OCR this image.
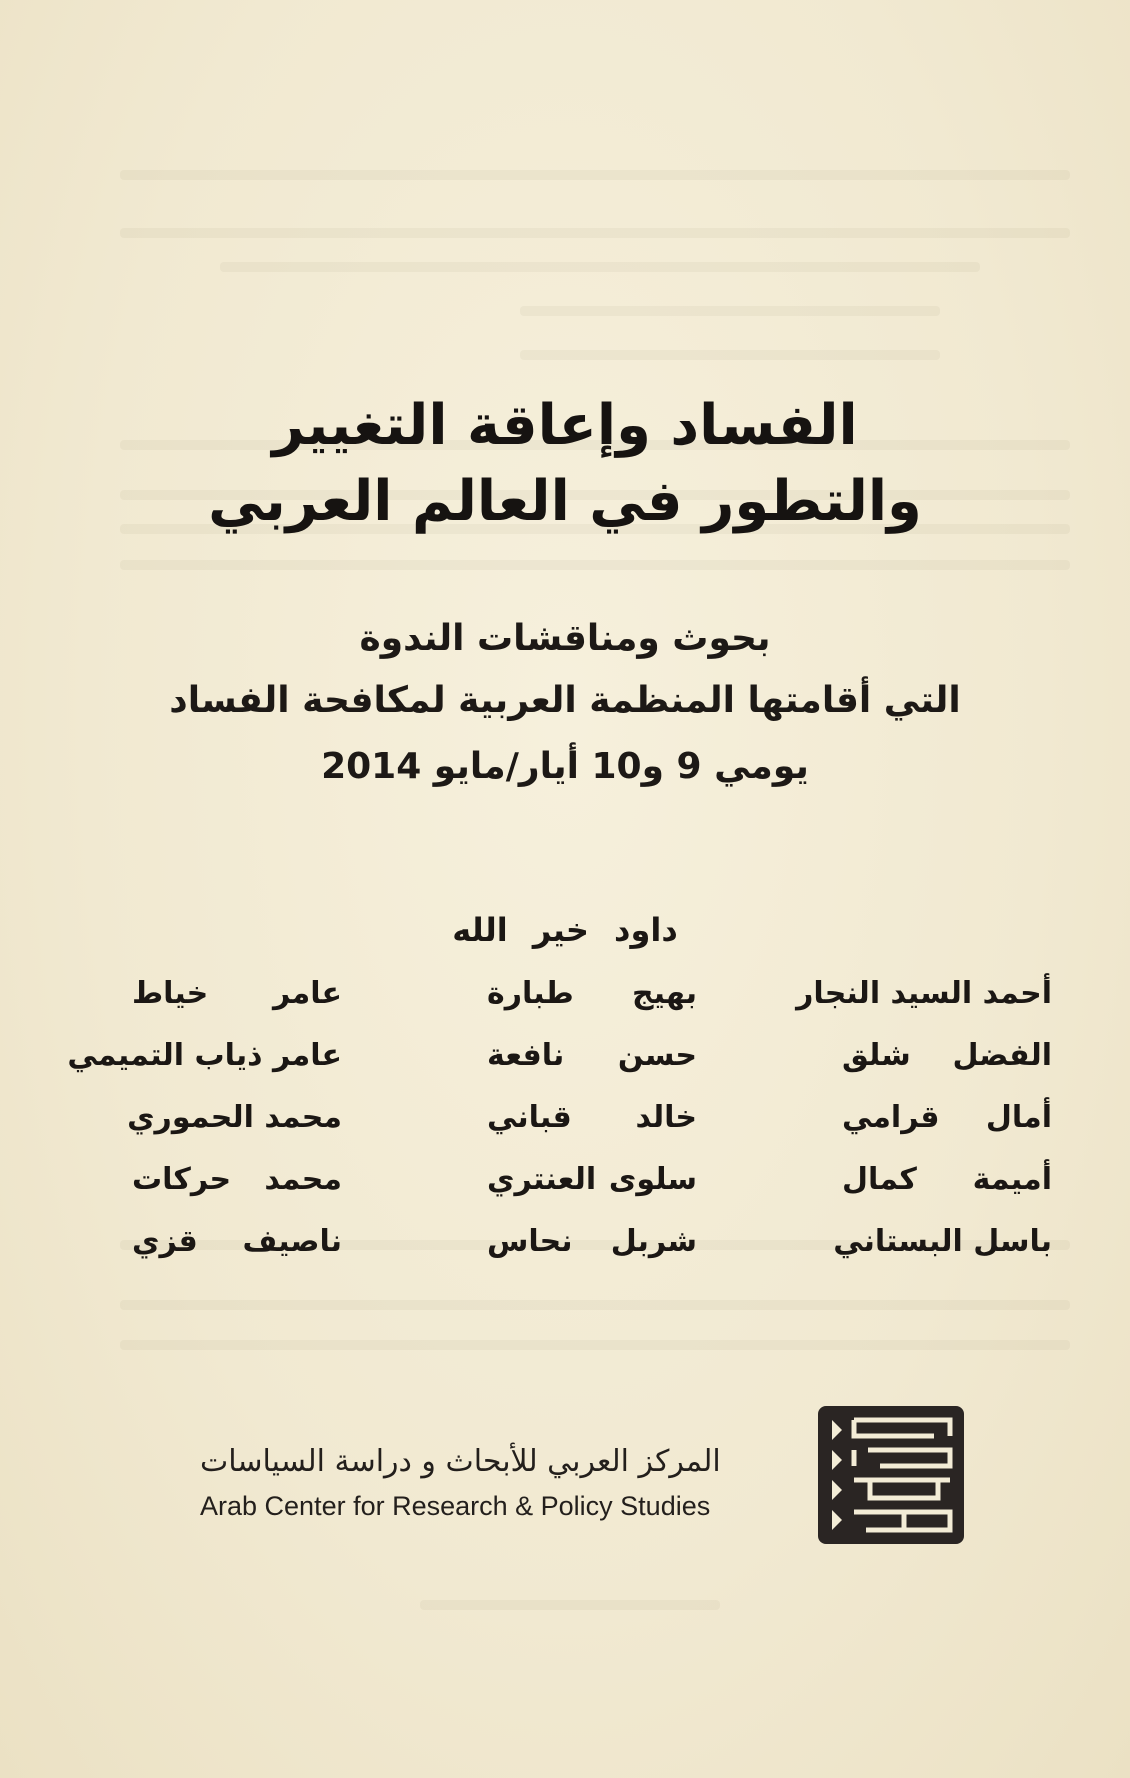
الفساد وإعاقة التغيير
والتطور في العالم العربي
بحوث ومناقشات الندوة
التي أقامتها المنظمة العربية لمكافحة الفساد
يومي 9 و10 أيار/مايو 2014
داود خير الله
أحمد السيد النجار
بهيج طبارة
عامر خياط
الفضل شلق
حسن نافعة
عامر ذياب التميمي
أمال قرامي
خالد قباني
محمد الحموري
أميمة كمال
سلوى العنتري
محمد حركات
باسل البستاني
شربل نحاس
ناصيف قزي
المركز العربي للأبحاث و دراسة السياسات
Arab Center for Research & Policy Studies
